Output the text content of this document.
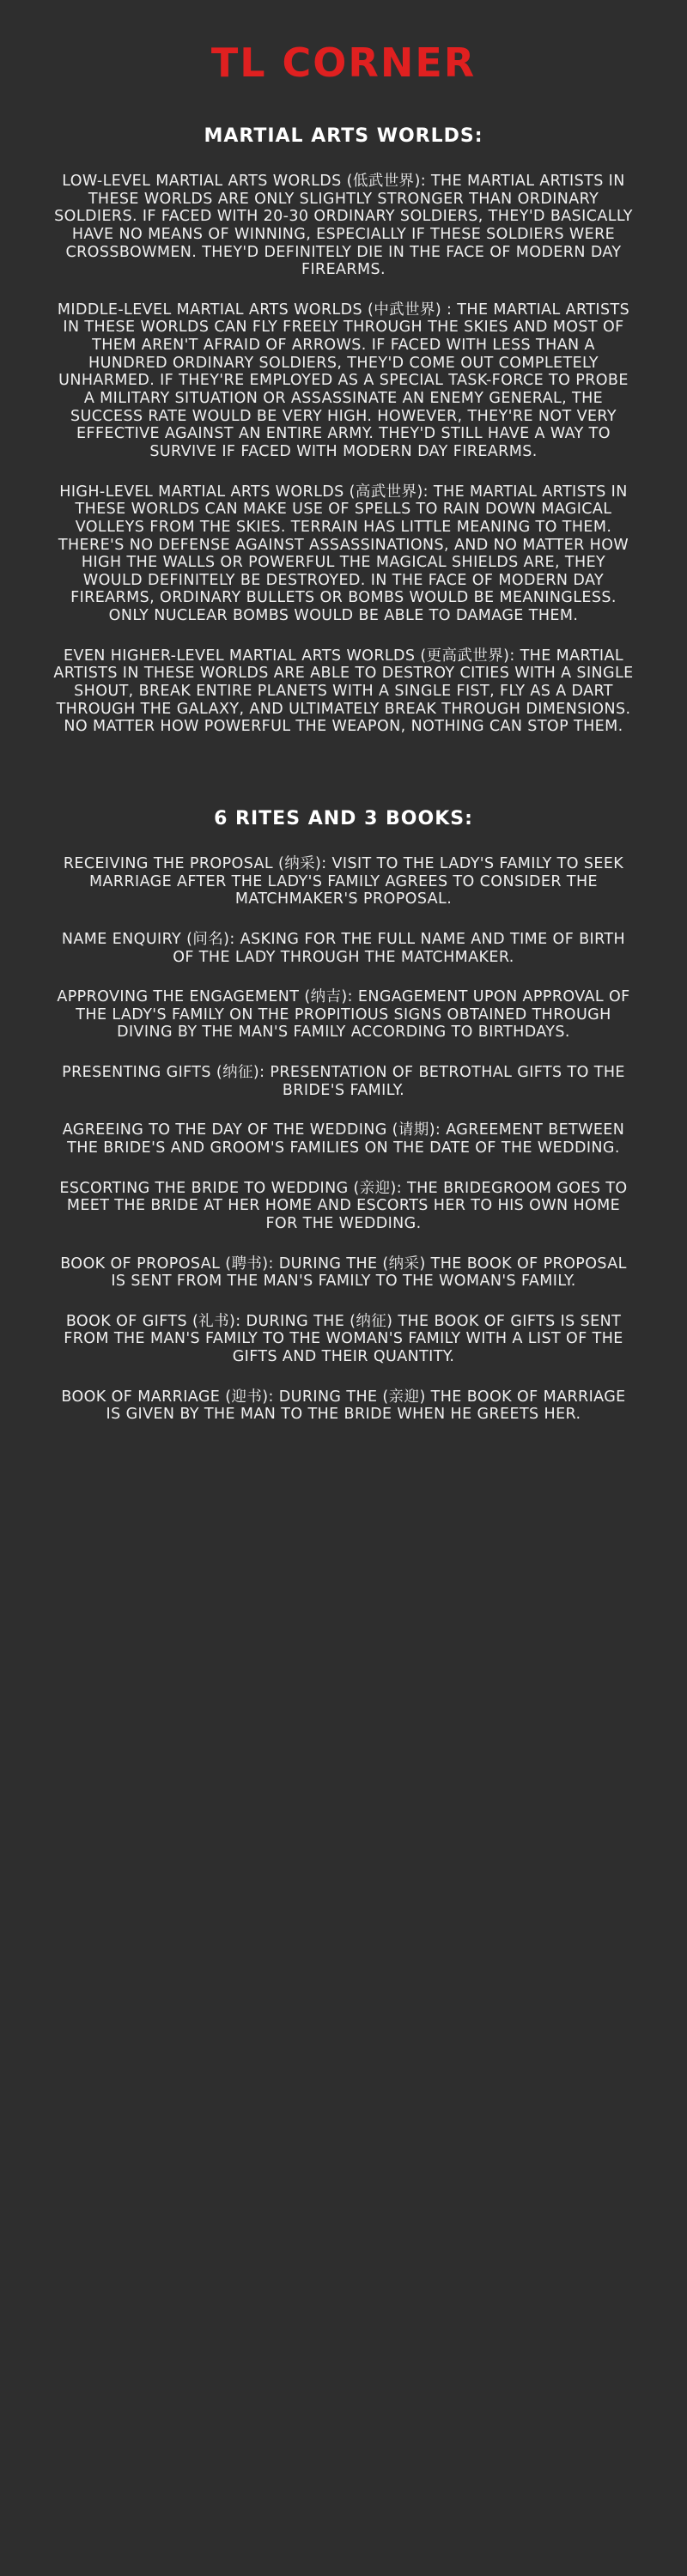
TL CORNER
MARTIAL ARTS WORLDS:

LOW-LEVEL MARTIAL ARTS WORLDS (低武世界): THE MARTIAL ARTISTS IN THESE WORLDS ARE ONLY SLIGHTLY STRONGER THAN ORDINARY SOLDIERS. IF FACED WITH 20-30 ORDINARY SOLDIERS, THEY'D BASICALLY HAVE NO MEANS OF WINNING, ESPECIALLY IF THESE SOLDIERS WERE CROSSBOWMEN. THEY'D DEFINITELY DIE IN THE FACE OF MODERN DAY FIREARMS.

MIDDLE-LEVEL MARTIAL ARTS WORLDS (中武世界) : THE MARTIAL ARTISTS IN THESE WORLDS CAN FLY FREELY THROUGH THE SKIES AND MOST OF THEM AREN'T AFRAID OF ARROWS. IF FACED WITH LESS THAN A HUNDRED ORDINARY SOLDIERS, THEY'D COME OUT COMPLETELY UNHARMED. IF THEY'RE EMPLOYED AS A SPECIAL TASK-FORCE TO PROBE A MILITARY SITUATION OR ASSASSINATE AN ENEMY GENERAL, THE SUCCESS RATE WOULD BE VERY HIGH. HOWEVER, THEY'RE NOT VERY EFFECTIVE AGAINST AN ENTIRE ARMY. THEY'D STILL HAVE A WAY TO SURVIVE IF FACED WITH MODERN DAY FIREARMS.

HIGH-LEVEL MARTIAL ARTS WORLDS (高武世界): THE MARTIAL ARTISTS IN THESE WORLDS CAN MAKE USE OF SPELLS TO RAIN DOWN MAGICAL VOLLEYS FROM THE SKIES. TERRAIN HAS LITTLE MEANING TO THEM. THERE'S NO DEFENSE AGAINST ASSASSINATIONS, AND NO MATTER HOW HIGH THE WALLS OR POWERFUL THE MAGICAL SHIELDS ARE, THEY WOULD DEFINITELY BE DESTROYED. IN THE FACE OF MODERN DAY FIREARMS, ORDINARY BULLETS OR BOMBS WOULD BE MEANINGLESS. ONLY NUCLEAR BOMBS WOULD BE ABLE TO DAMAGE THEM.

EVEN HIGHER-LEVEL MARTIAL ARTS WORLDS (更高武世界): THE MARTIAL ARTISTS IN THESE WORLDS ARE ABLE TO DESTROY CITIES WITH A SINGLE SHOUT, BREAK ENTIRE PLANETS WITH A SINGLE FIST, FLY AS A DART THROUGH THE GALAXY, AND ULTIMATELY BREAK THROUGH DIMENSIONS. NO MATTER HOW POWERFUL THE WEAPON, NOTHING CAN STOP THEM.

6 RITES AND 3 BOOKS:

RECEIVING THE PROPOSAL (纳采): VISIT TO THE LADY'S FAMILY TO SEEK MARRIAGE AFTER THE LADY'S FAMILY AGREES TO CONSIDER THE MATCHMAKER'S PROPOSAL.

NAME ENQUIRY (问名): ASKING FOR THE FULL NAME AND TIME OF BIRTH OF THE LADY THROUGH THE MATCHMAKER.

APPROVING THE ENGAGEMENT (纳吉): ENGAGEMENT UPON APPROVAL OF THE LADY'S FAMILY ON THE PROPITIOUS SIGNS OBTAINED THROUGH DIVING BY THE MAN'S FAMILY ACCORDING TO BIRTHDAYS.

PRESENTING GIFTS (纳征): PRESENTATION OF BETROTHAL GIFTS TO THE BRIDE'S FAMILY.

AGREEING TO THE DAY OF THE WEDDING (请期): AGREEMENT BETWEEN THE BRIDE'S AND GROOM'S FAMILIES ON THE DATE OF THE WEDDING.

ESCORTING THE BRIDE TO WEDDING (亲迎): THE BRIDEGROOM GOES TO MEET THE BRIDE AT HER HOME AND ESCORTS HER TO HIS OWN HOME FOR THE WEDDING.

BOOK OF PROPOSAL (聘书): DURING THE (纳采) THE BOOK OF PROPOSAL IS SENT FROM THE MAN'S FAMILY TO THE WOMAN'S FAMILY.

BOOK OF GIFTS (礼书): DURING THE (纳征) THE BOOK OF GIFTS IS SENT FROM THE MAN'S FAMILY TO THE WOMAN'S FAMILY WITH A LIST OF THE GIFTS AND THEIR QUANTITY.

BOOK OF MARRIAGE (迎书): DURING THE (亲迎) THE BOOK OF MARRIAGE IS GIVEN BY THE MAN TO THE BRIDE WHEN HE GREETS HER.
